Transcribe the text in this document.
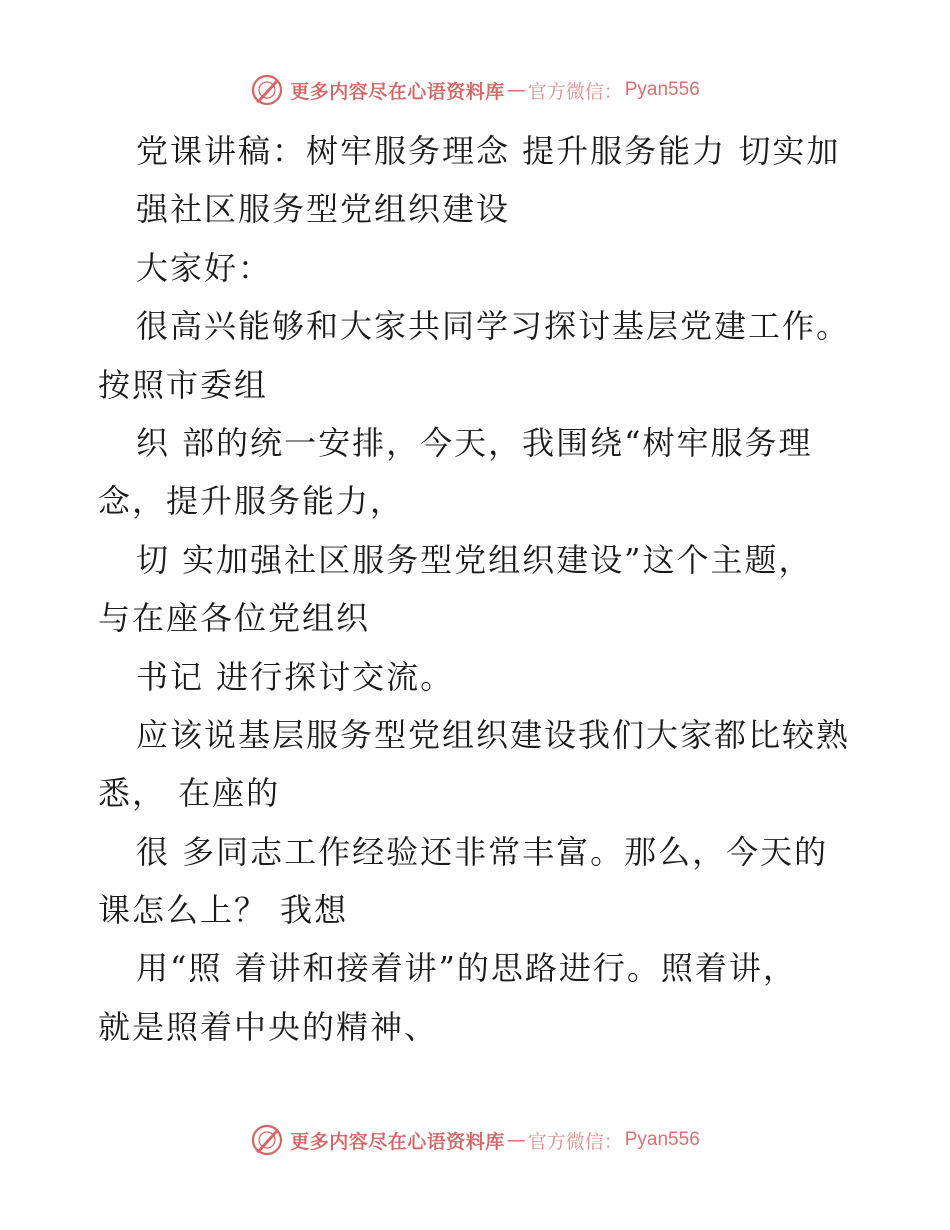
更多内容尽在心语资料库 — 官方微信： Pyan556
党课讲稿：树牢服务理念 提升服务能力 切实加
强社区服务型党组织建设
大家好：
很高兴能够和大家共同学习探讨基层党建工作。
按照市委组
织 部的统一安排，今天，我围绕“树牢服务理
念，提升服务能力，
切 实加强社区服务型党组织建设”这个主题，
与在座各位党组织
书记 进行探讨交流。
应该说基层服务型党组织建设我们大家都比较熟
悉， 在座的
很 多同志工作经验还非常丰富。那么，今天的
课怎么上？ 我想
用“照 着讲和接着讲”的思路进行。照着讲，
就是照着中央的精神、
更多内容尽在心语资料库 — 官方微信： Pyan556
